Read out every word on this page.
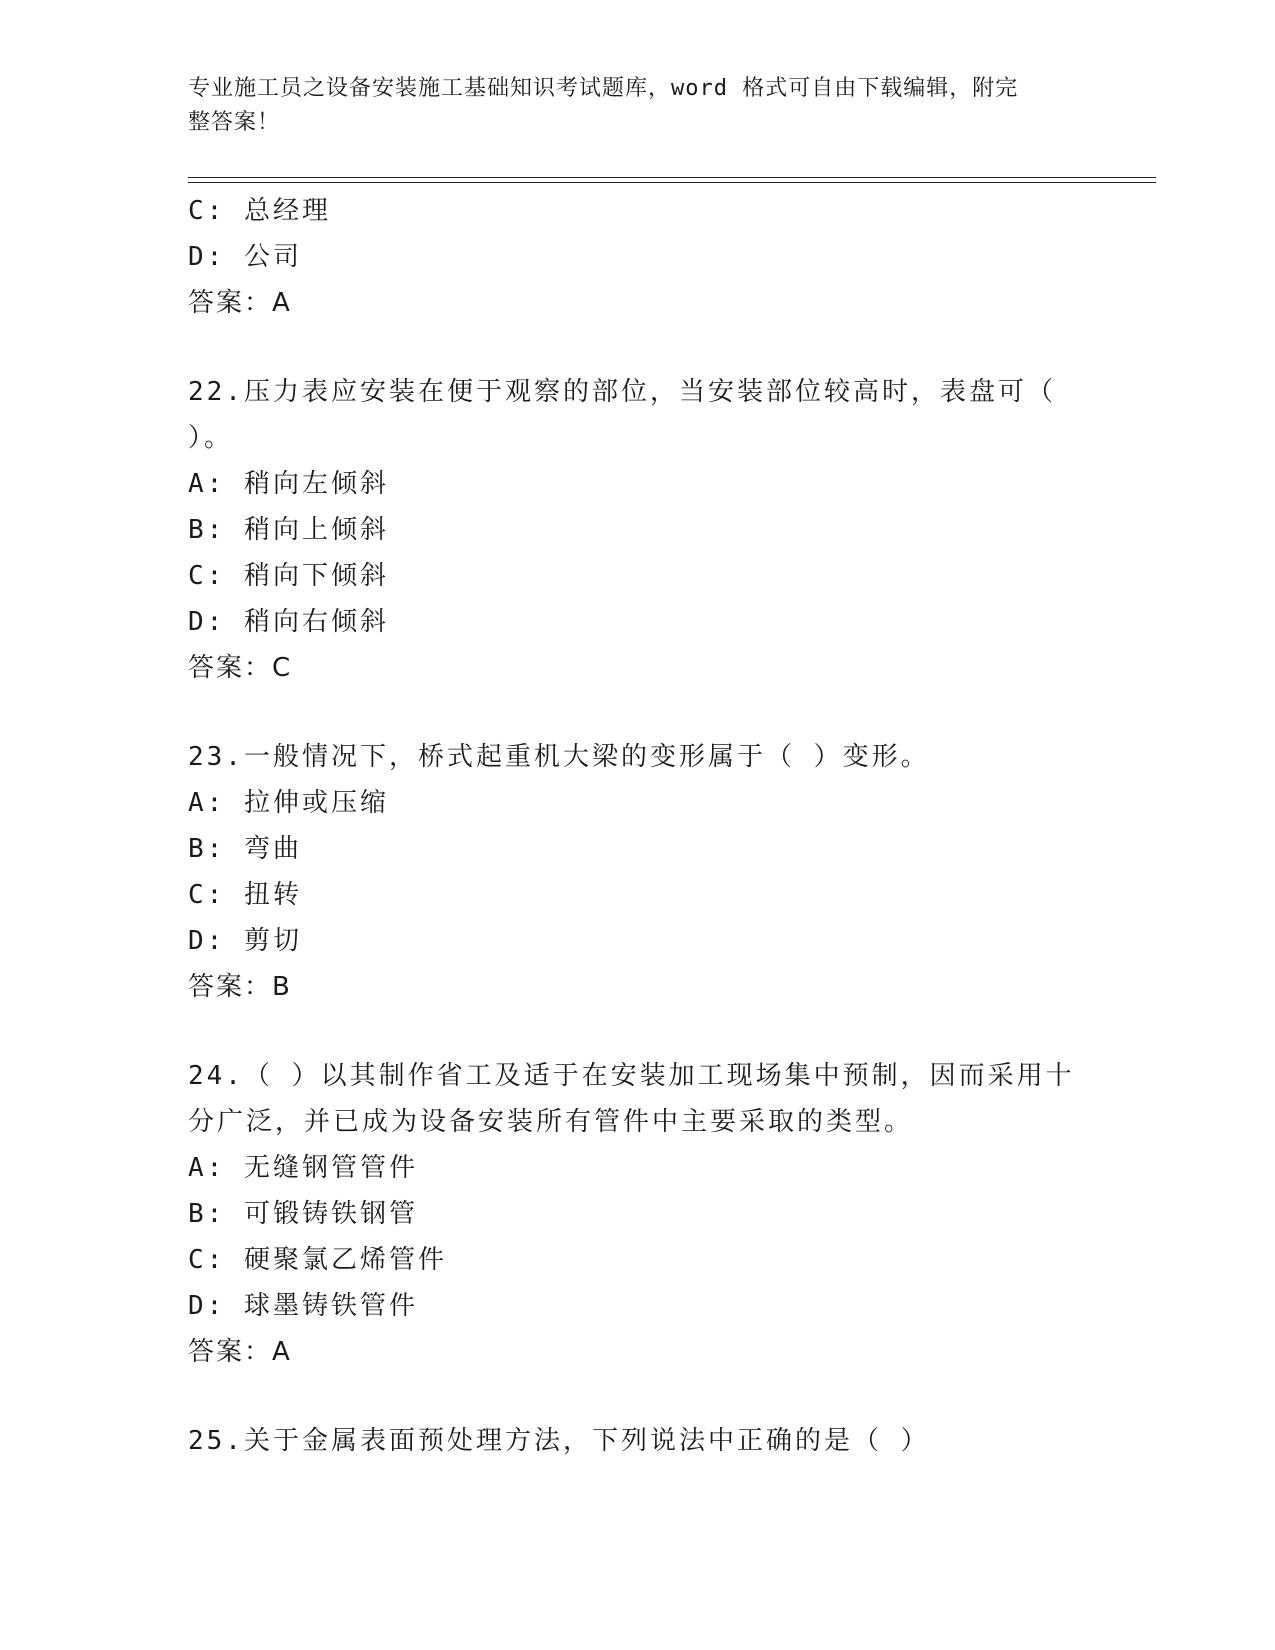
专业施工员之设备安装施工基础知识考试题库，word 格式可自由下载编辑，附完
整答案！
C: 总经理
D: 公司
答案：A
22.压力表应安装在便于观察的部位，当安装部位较高时，表盘可（
）。
A: 稍向左倾斜
B: 稍向上倾斜
C: 稍向下倾斜
D: 稍向右倾斜
答案：C
23.一般情况下，桥式起重机大梁的变形属于（ ）变形。
A: 拉伸或压缩
B: 弯曲
C: 扭转
D: 剪切
答案：B
24.（ ）以其制作省工及适于在安装加工现场集中预制，因而采用十
分广泛，并已成为设备安装所有管件中主要采取的类型。
A: 无缝钢管管件
B: 可锻铸铁钢管
C: 硬聚氯乙烯管件
D: 球墨铸铁管件
答案：A
25.关于金属表面预处理方法，下列说法中正确的是（ ）
